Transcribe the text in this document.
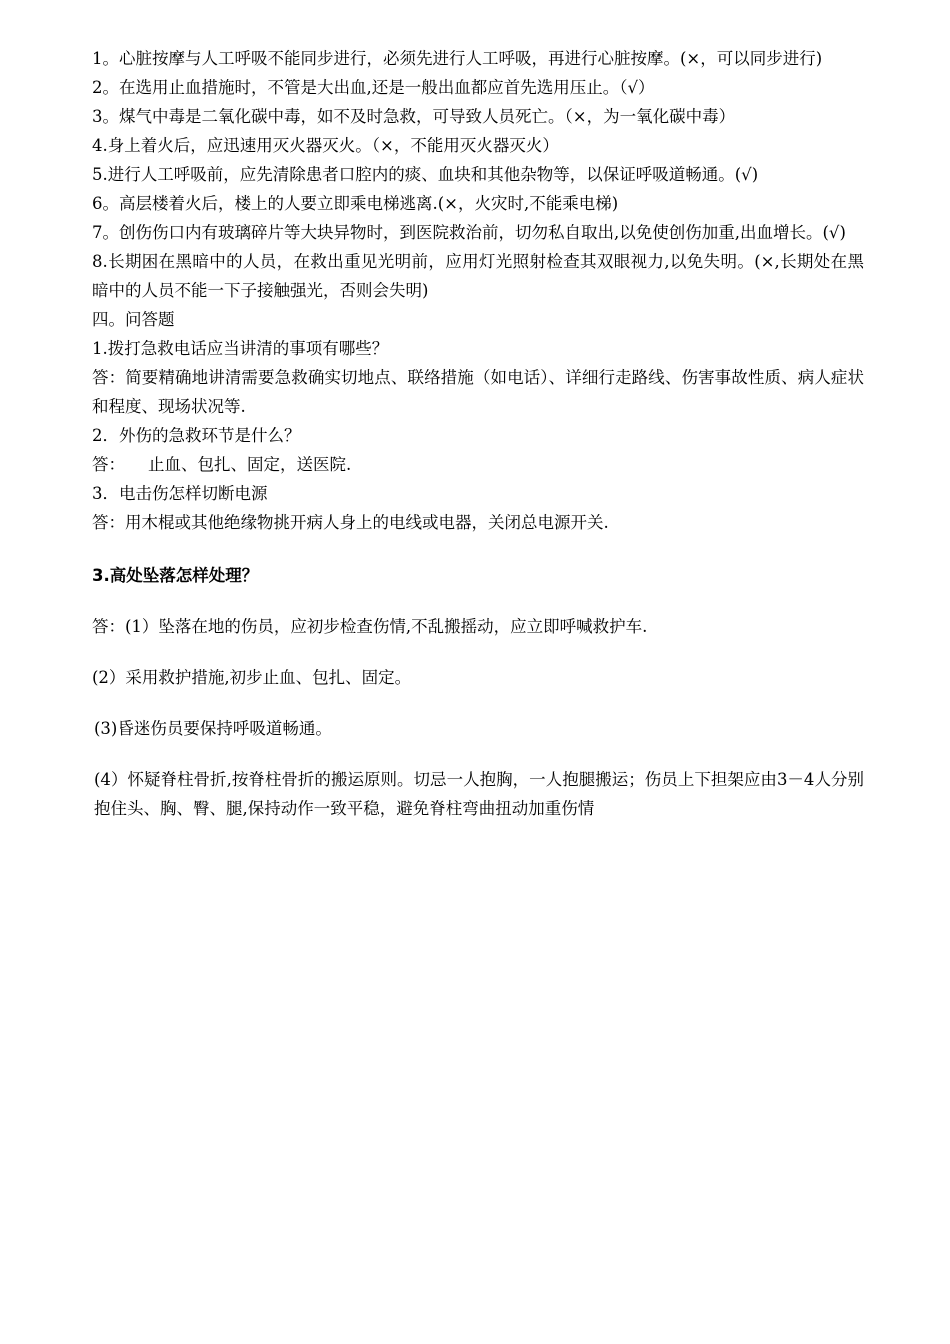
1。心脏按摩与人工呼吸不能同步进行，必须先进行人工呼吸，再进行心脏按摩。(×，可以同步进行)

2。在选用止血措施时，不管是大出血,还是一般出血都应首先选用压止。（√）

3。煤气中毒是二氧化碳中毒，如不及时急救，可导致人员死亡。（×，为一氧化碳中毒）

4.身上着火后，应迅速用灭火器灭火。（×，不能用灭火器灭火）

5.进行人工呼吸前，应先清除患者口腔内的痰、血块和其他杂物等，以保证呼吸道畅通。(√)

6。高层楼着火后，楼上的人要立即乘电梯逃离.(×，火灾时,不能乘电梯)

7。创伤伤口内有玻璃碎片等大块异物时，到医院救治前，切勿私自取出,以免使创伤加重,出血增长。(√)

8.长期困在黑暗中的人员，在救出重见光明前，应用灯光照射检查其双眼视力,以免失明。(×,长期处在黑暗中的人员不能一下子接触强光，否则会失明)

四。问答题

1.拨打急救电话应当讲清的事项有哪些？

答：简要精确地讲清需要急救确实切地点、联络措施（如电话）、详细行走路线、伤害事故性质、病人症状和程度、现场状况等.

2．外伤的急救环节是什么？

答： 止血、包扎、固定，送医院.

3．电击伤怎样切断电源

答：用木棍或其他绝缘物挑开病人身上的电线或电器，关闭总电源开关.

3.高处坠落怎样处理？

答：(1）坠落在地的伤员，应初步检查伤情,不乱搬摇动，应立即呼喊救护车.

(2）采用救护措施,初步止血、包扎、固定。

(3)昏迷伤员要保持呼吸道畅通。

(4）怀疑脊柱骨折,按脊柱骨折的搬运原则。切忌一人抱胸，一人抱腿搬运；伤员上下担架应由3－4人分别抱住头、胸、臀、腿,保持动作一致平稳，避免脊柱弯曲扭动加重伤情
